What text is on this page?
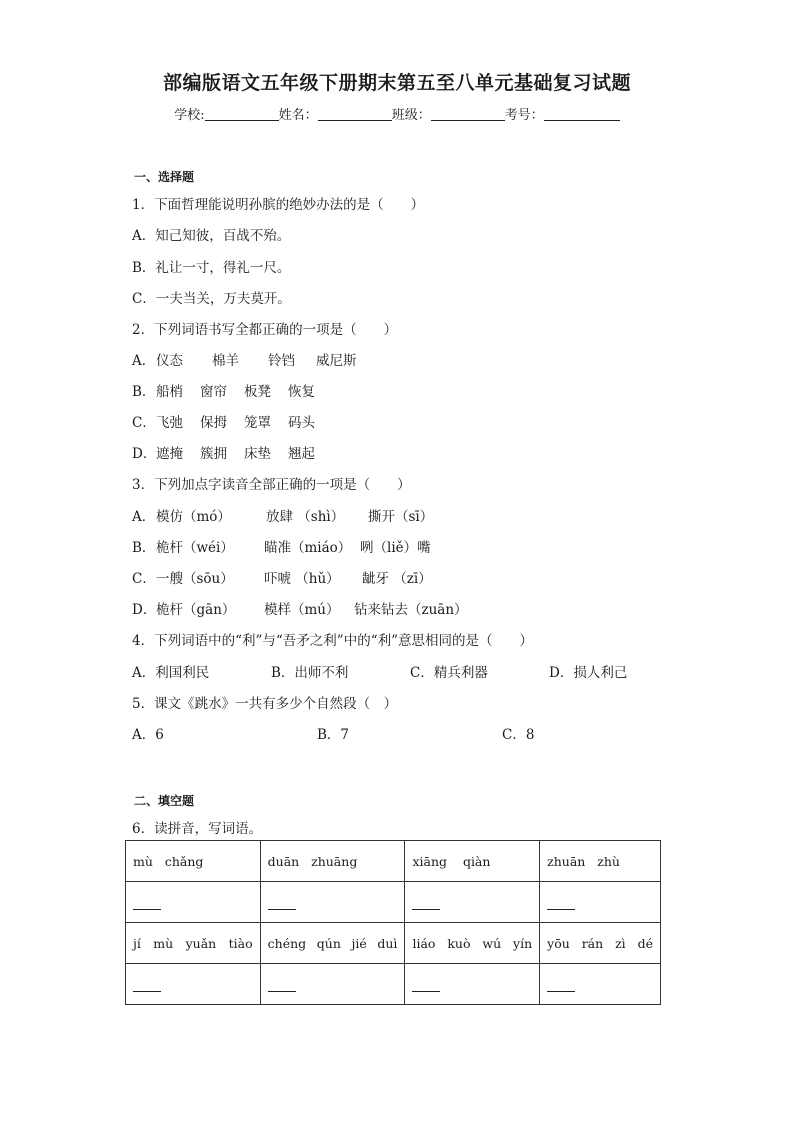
部编版语文五年级下册期末第五至八单元基础复习试题
学校:	姓名：	班级：	考号：
一、选择题
1．下面哲理能说明孙膑的绝妙办法的是（　　）
A．知己知彼，百战不殆。
B．礼让一寸，得礼一尺。
C．一夫当关，万夫莫开。
2．下列词语书写全都正确的一项是（　　）
A．仪态 棉羊 铃铛 威尼斯
B．船梢 窗帘 板凳 恢复
C．飞弛 保拇 笼罩 码头
D．遮掩 簇拥 床垫 翘起
3．下列加点字读音全部正确的一项是（　　）
A．模仿（mó）	放肆 （shì） 撕开（sī）
B．桅杆（wéi） 瞄准（miáo） 咧（liě）嘴
C．一艘（sōu） 吓唬 （hǔ） 龇牙 （zī）
D．桅杆（gān） 模样（mú） 钻来钻去（zuān）
4．下列词语中的“利”与“吾矛之利”中的“利”意思相同的是（　　）
A．利国利民	B．出师不利	C．精兵利器	D．损人利己
5．课文《跳水》一共有多少个自然段（　）
A．6	B．7	C．8
二、填空题
6．读拼音，写词语。
mù chǎng	duān zhuāng	xiāng qiàn	zhuān zhù

jí mù yuǎn tiào	chéng qún jié duì	liáo kuò wú yín	yōu rán zì dé
